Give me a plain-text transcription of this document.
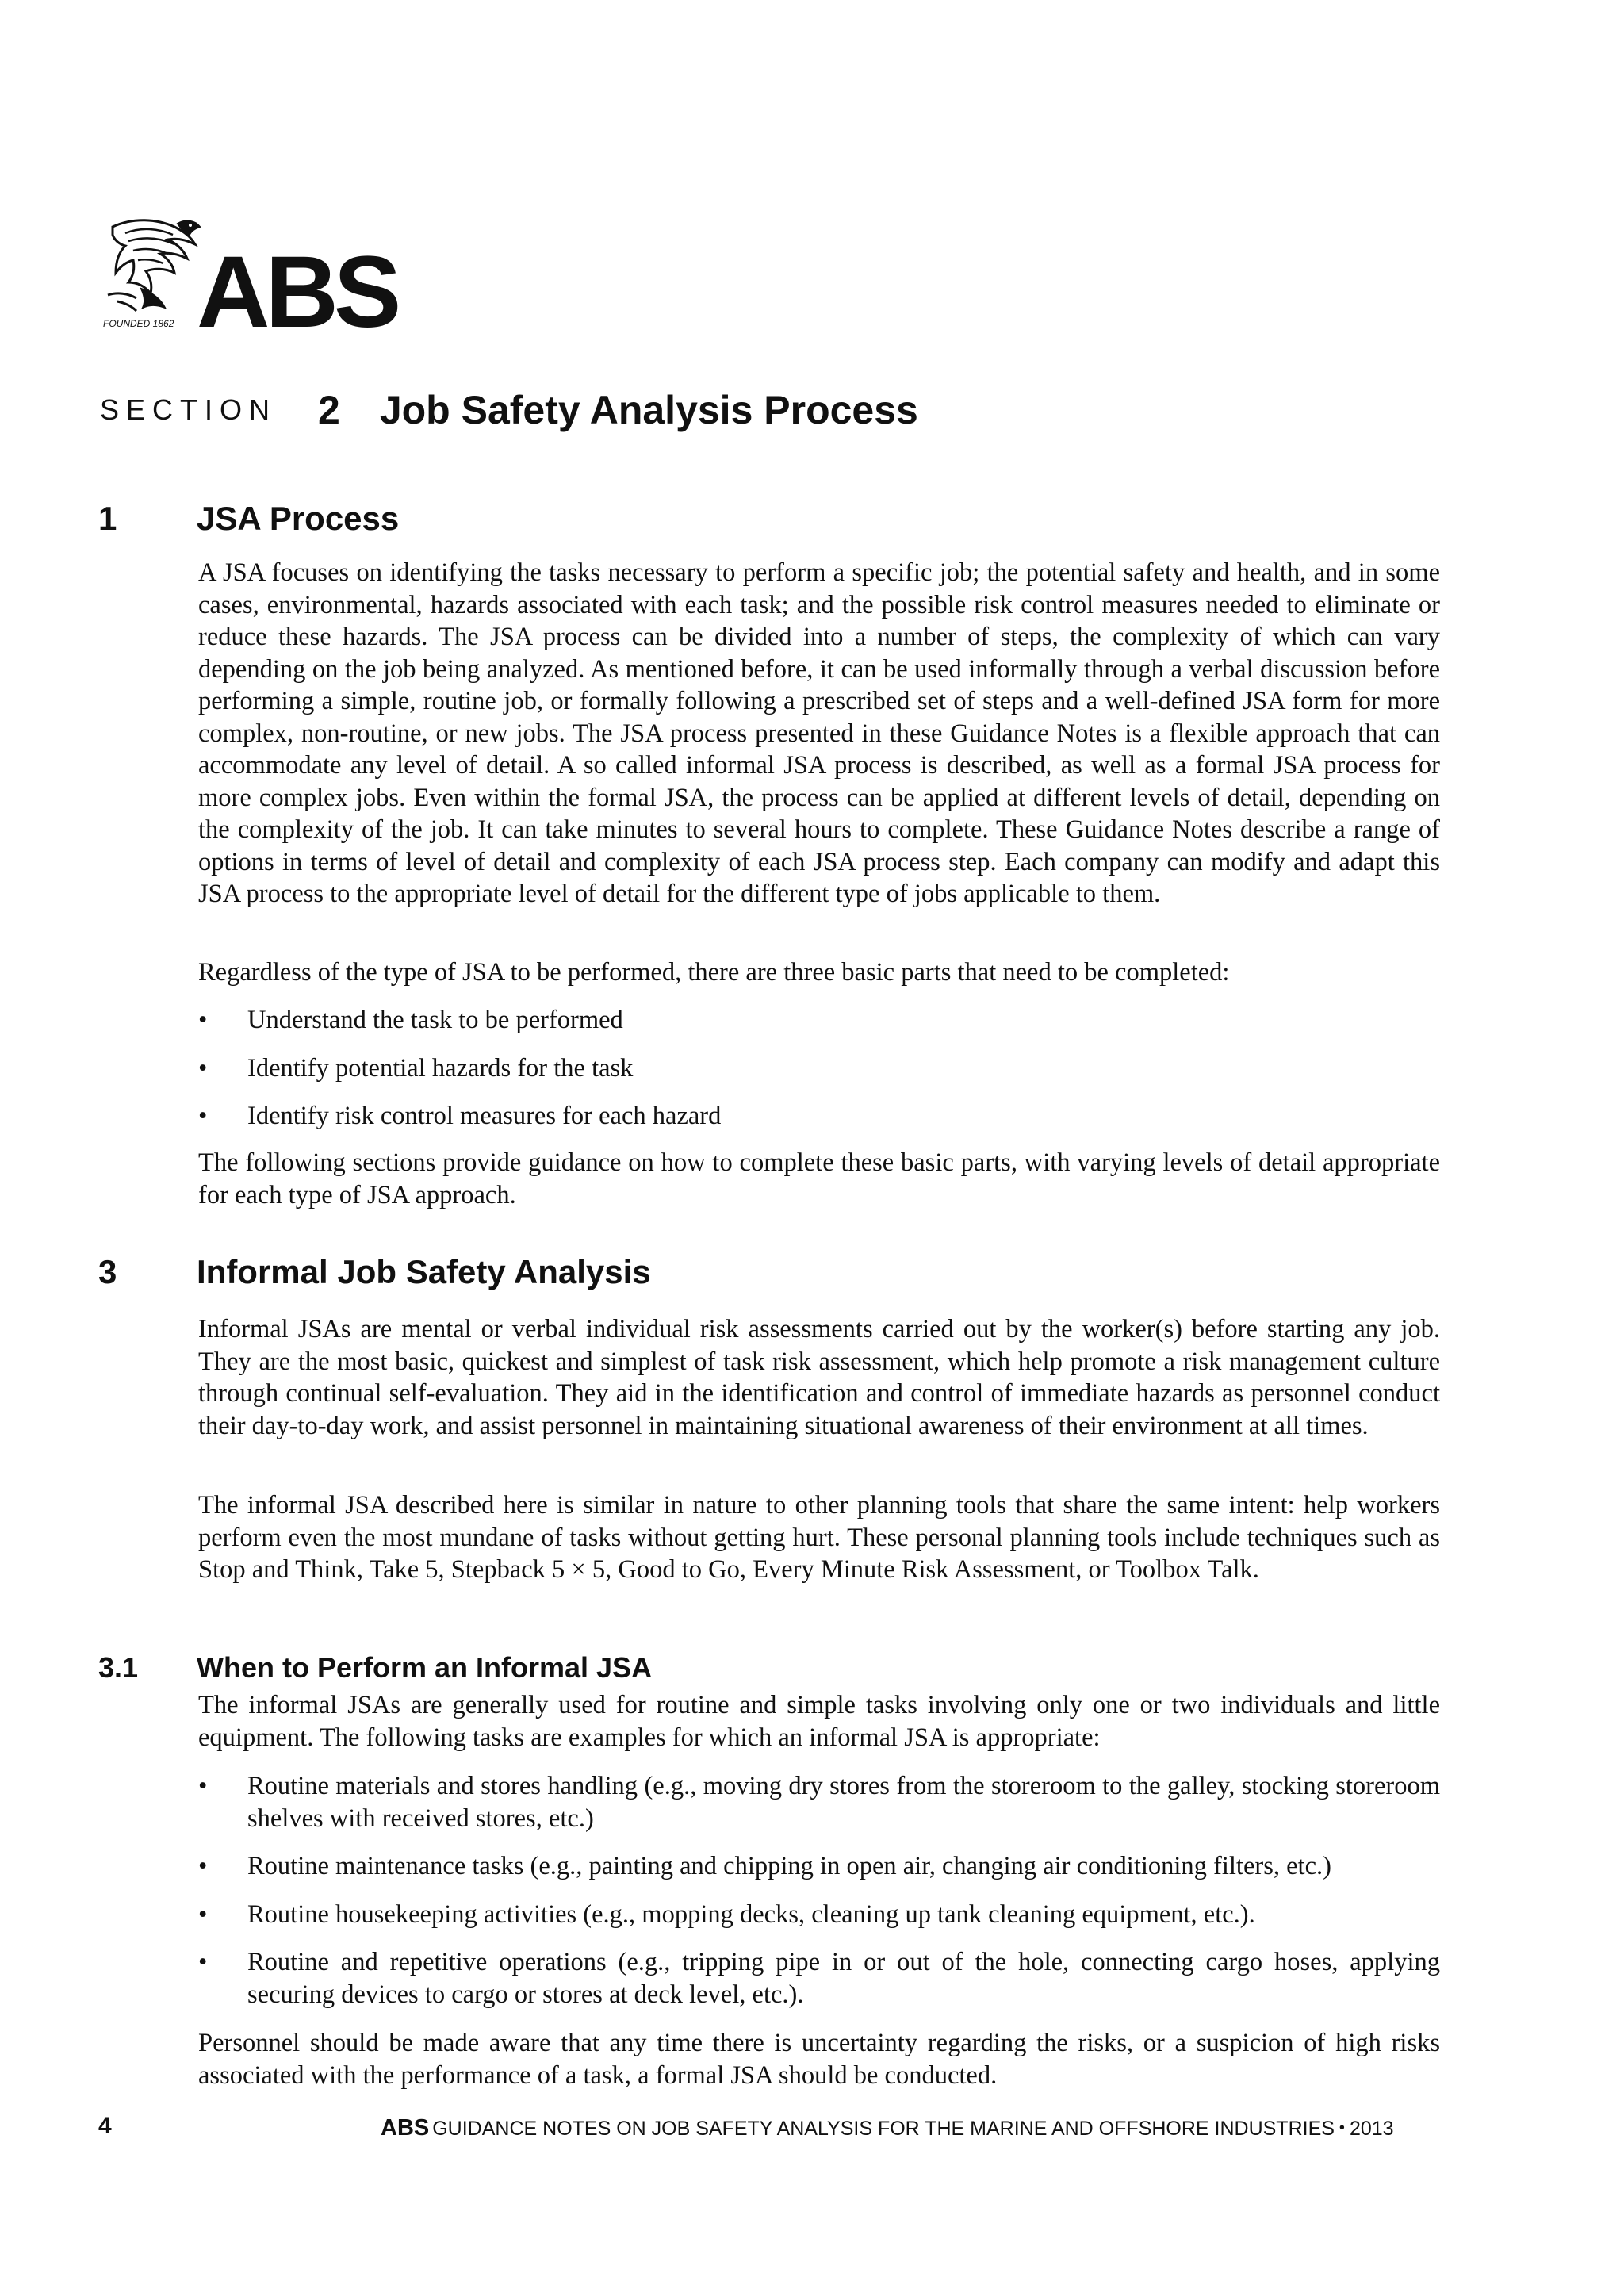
ABS
FOUNDED 1862
SECTION 2 Job Safety Analysis Process
1 JSA Process

A JSA focuses on identifying the tasks necessary to perform a specific job; the potential safety and health, and in some cases, environmental, hazards associated with each task; and the possible risk control measures needed to eliminate or reduce these hazards. The JSA process can be divided into a number of steps, the complexity of which can vary depending on the job being analyzed. As mentioned before, it can be used informally through a verbal discussion before performing a simple, routine job, or formally following a prescribed set of steps and a well-defined JSA form for more complex, non-routine, or new jobs. The JSA process presented in these Guidance Notes is a flexible approach that can accommodate any level of detail. A so called informal JSA process is described, as well as a formal JSA process for more complex jobs. Even within the formal JSA, the process can be applied at different levels of detail, depending on the complexity of the job. It can take minutes to several hours to complete. These Guidance Notes describe a range of options in terms of level of detail and complexity of each JSA process step. Each company can modify and adapt this JSA process to the appropriate level of detail for the different type of jobs applicable to them.

Regardless of the type of JSA to be performed, there are three basic parts that need to be completed:

• Understand the task to be performed
• Identify potential hazards for the task
• Identify risk control measures for each hazard

The following sections provide guidance on how to complete these basic parts, with varying levels of detail appropriate for each type of JSA approach.

3 Informal Job Safety Analysis

Informal JSAs are mental or verbal individual risk assessments carried out by the worker(s) before starting any job. They are the most basic, quickest and simplest of task risk assessment, which help promote a risk management culture through continual self-evaluation. They aid in the identification and control of immediate hazards as personnel conduct their day-to-day work, and assist personnel in maintaining situational awareness of their environment at all times.

The informal JSA described here is similar in nature to other planning tools that share the same intent: help workers perform even the most mundane of tasks without getting hurt. These personal planning tools include techniques such as Stop and Think, Take 5, Stepback 5 × 5, Good to Go, Every Minute Risk Assessment, or Toolbox Talk.

3.1 When to Perform an Informal JSA

The informal JSAs are generally used for routine and simple tasks involving only one or two individuals and little equipment. The following tasks are examples for which an informal JSA is appropriate:

• Routine materials and stores handling (e.g., moving dry stores from the storeroom to the galley, stocking storeroom shelves with received stores, etc.)
• Routine maintenance tasks (e.g., painting and chipping in open air, changing air conditioning filters, etc.)
• Routine housekeeping activities (e.g., mopping decks, cleaning up tank cleaning equipment, etc.).
• Routine and repetitive operations (e.g., tripping pipe in or out of the hole, connecting cargo hoses, applying securing devices to cargo or stores at deck level, etc.).

Personnel should be made aware that any time there is uncertainty regarding the risks, or a suspicion of high risks associated with the performance of a task, a formal JSA should be conducted.

4	ABS GUIDANCE NOTES ON JOB SAFETY ANALYSIS FOR THE MARINE AND OFFSHORE INDUSTRIES • 2013
